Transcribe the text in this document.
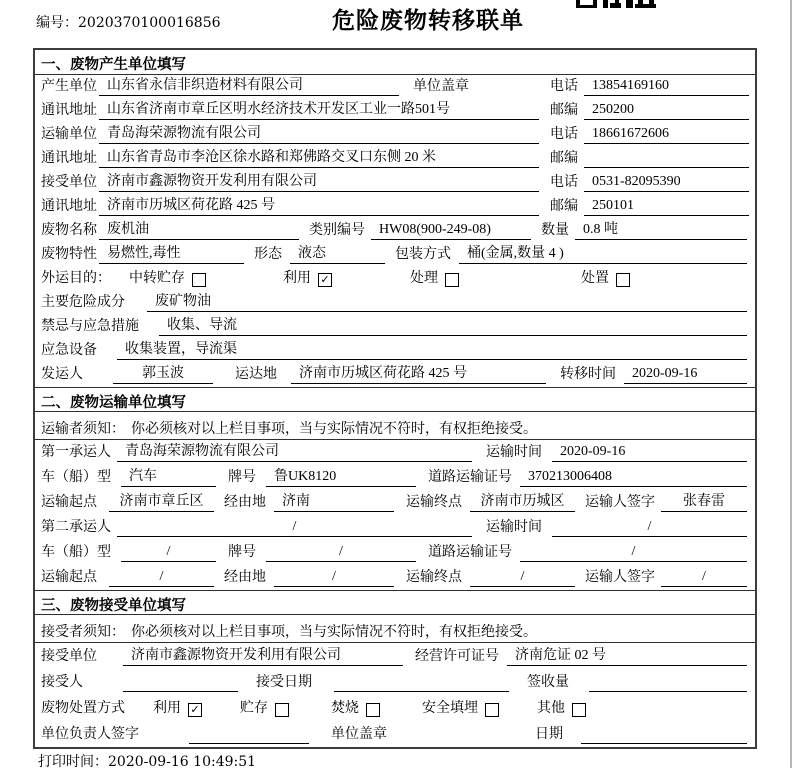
编号：2020370100016856	危险废物转移联单
一、废物产生单位填写
产生单位 山东省永信非织造材料有限公司	单位盖章	电话	13854169160
通讯地址 山东省济南市章丘区明水经济技术开发区工业一路501号	邮编	250200
运输单位 青岛海荣源物流有限公司	电话	18661672606
通讯地址 山东省青岛市李沧区徐水路和郑佛路交叉口东侧 20 米	邮编
接受单位 济南市鑫源物资开发利用有限公司	电话	0531-82095390
通讯地址 济南市历城区荷花路 425 号	邮编	250101
废物名称 废机油	类别编号	HW08(900-249-08)	数量	0.8 吨
废物特性 易燃性,毒性	形态	液态	包装方式	桶(金属,数量 4 )
外运目的：	中转贮存	利用 ✓	处理	处置
主要危险成分	废矿物油
禁忌与应急措施	收集、导流
应急设备	收集装置，导流渠
发运人	郭玉波	运达地	济南市历城区荷花路 425 号	转移时间	2020-09-16
二、废物运输单位填写
运输者须知： 你必须核对以上栏目事项，当与实际情况不符时，有权拒绝接受。
第一承运人	青岛海荣源物流有限公司	运输时间	2020-09-16
车（船）型	汽车	牌号	鲁UK8120	道路运输证号	370213006408
运输起点	济南市章丘区	经由地	济南	运输终点	济南市历城区	运输人签字	张春雷
第二承运人	/	运输时间	/
车（船）型	/	牌号	/	道路运输证号	/
运输起点	/	经由地	/	运输终点	/	运输人签字	/
三、废物接受单位填写
接受者须知： 你必须核对以上栏目事项，当与实际情况不符时，有权拒绝接受。
接受单位	济南市鑫源物资开发利用有限公司	经营许可证号	济南危证 02 号
接受人	接受日期	签收量
废物处置方式	利用 ✓	贮存	焚烧	安全填埋	其他
单位负责人签字	单位盖章	日期
打印时间：2020-09-16 10:49:51
